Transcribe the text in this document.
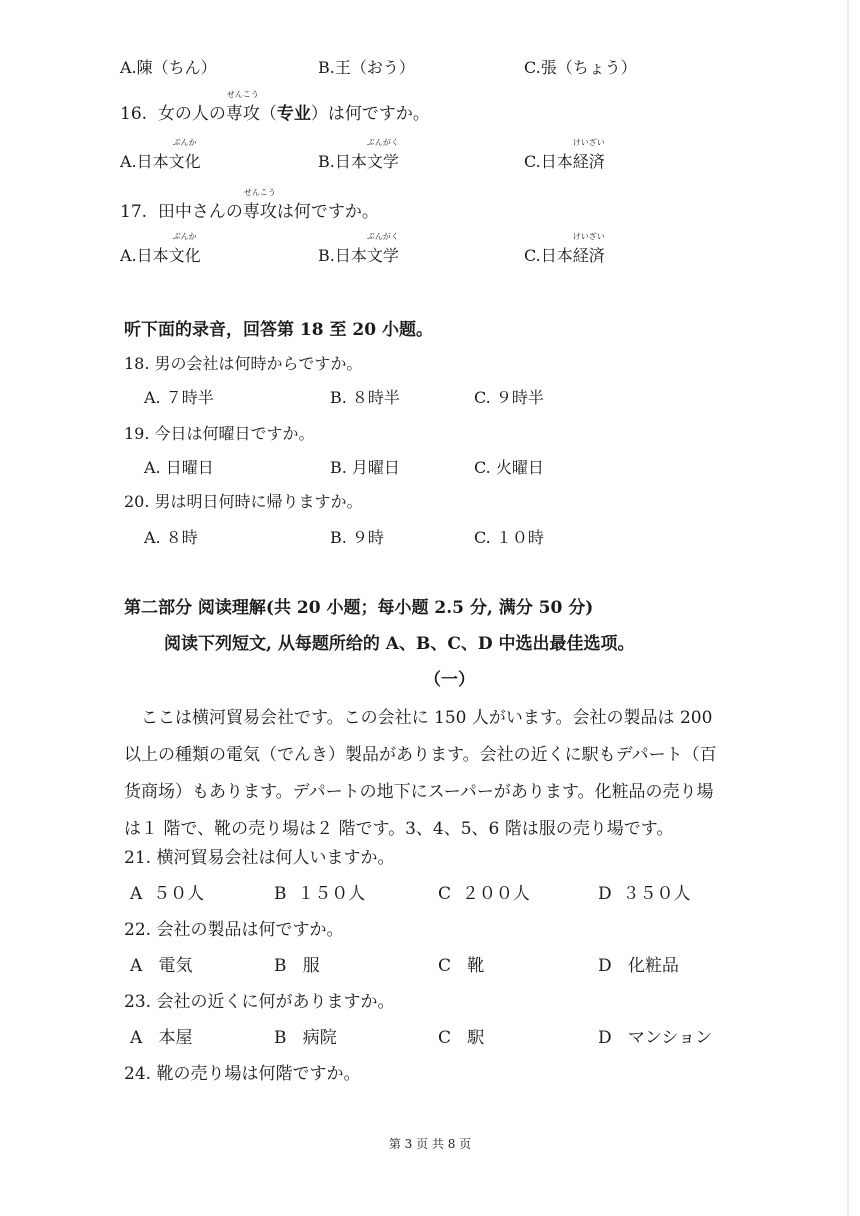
A.陳（ちん）	B.王（おう）	C.張（ちょう）
16. 女の人の専攻
せんこう
（专业）は何ですか。
A.日本文化
ぶんか
B.日本文学
ぶんがく
C.日本経済
けいざい
17. 田中さんの専攻
せんこう
は何ですか。
A.日本文化
ぶんか
B.日本文学
ぶんがく
C.日本経済
けいざい
听下面的录音，回答第 18 至 20 小题。
18. 男の会社は何時からですか。
A. ７時半	B. ８時半	C. ９時半
19. 今日は何曜日ですか。
A. 日曜日	B. 月曜日	C. 火曜日
20. 男は明日何時に帰りますか。
A. ８時	B. ９時	C. １０時
第二部分 阅读理解(共 20 小题；每小题 2.5 分, 满分 50 分)
阅读下列短文, 从每题所给的 A、B、C、D 中选出最佳选项。
（一）
　ここは横河貿易会社です。この会社に 150 人がいます。会社の製品は 200
以上の種類の電気（でんき）製品があります。会社の近くに駅もデパート（百
货商场）もあります。デパートの地下にスーパーがあります。化粧品の売り場
は１ 階で、靴の売り場は２ 階です。3、4、5、6 階は服の売り場です。
21. 横河貿易会社は何人いますか。
A ５０人	B １５０人	C ２００人	D ３５０人
22. 会社の製品は何ですか。
A 電気	B 服	C 靴	D 化粧品
23. 会社の近くに何がありますか。
A 本屋	B 病院	C 駅	D マンション
24. 靴の売り場は何階ですか。
第 3 页 共 8 页
